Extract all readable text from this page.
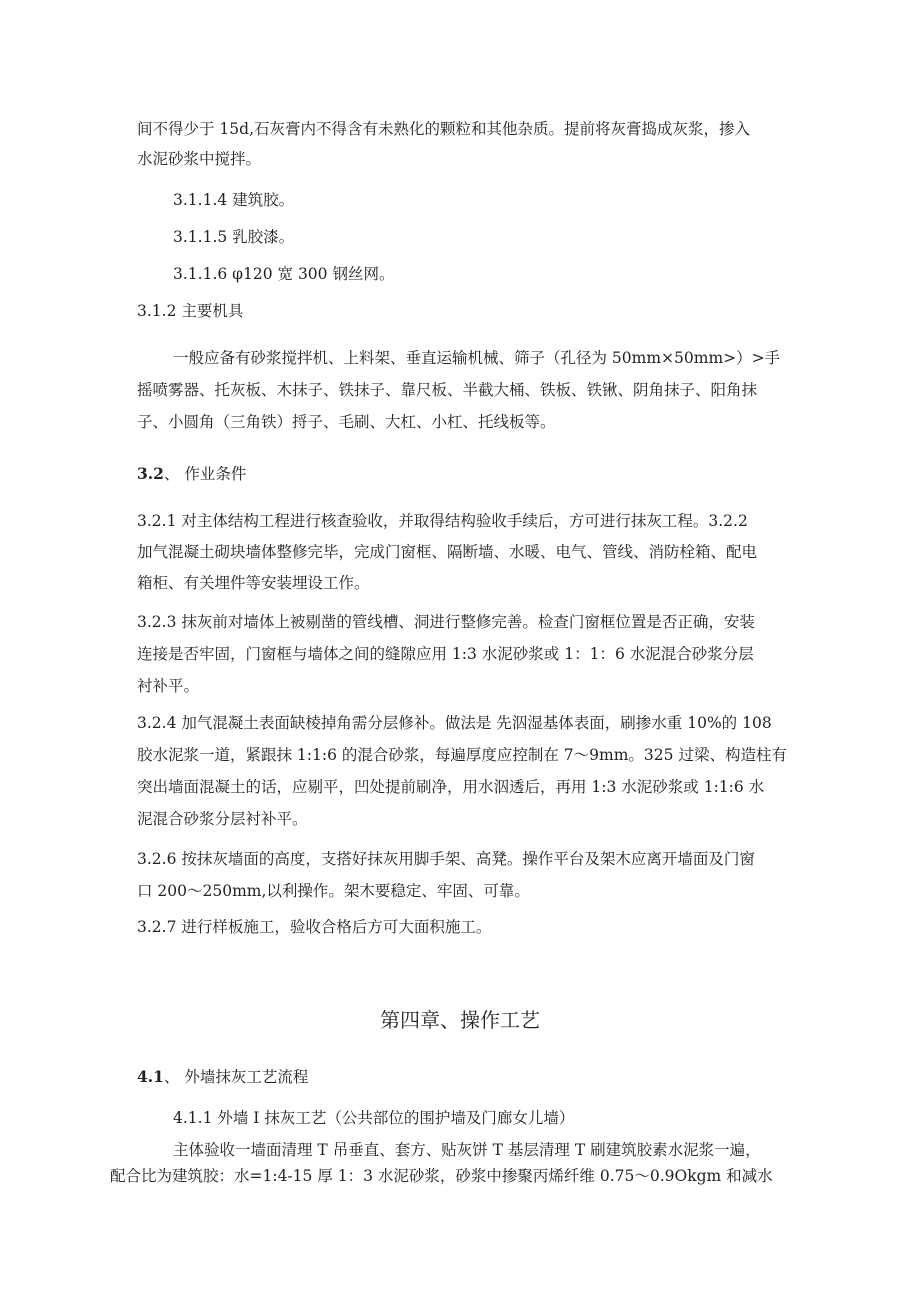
间不得少于 15d,石灰膏内不得含有未熟化的颗粒和其他杂质。提前将灰膏捣成灰浆，掺入
水泥砂浆中搅拌。
3.1.1.4 建筑胶。
3.1.1.5 乳胶漆。
3.1.1.6 φ120 宽 300 钢丝网。
3.1.2 主要机具
一般应备有砂浆搅拌机、上料架、垂直运输机械、筛子（孔径为 50mm×50mm>）>手
摇喷雾器、托灰板、木抹子、铁抹子、靠尺板、半截大桶、铁板、铁锹、阴角抹子、阳角抹
子、小圆角（三角铁）捋子、毛刷、大杠、小杠、托线板等。
3.2、 作业条件
3.2.1 对主体结构工程进行核查验收，并取得结构验收手续后，方可进行抹灰工程。3.2.2
加气混凝土砌块墙体整修完毕，完成门窗框、隔断墙、水暖、电气、管线、消防栓箱、配电
箱柜、有关埋件等安装埋设工作。
3.2.3 抹灰前对墙体上被剔凿的管线槽、洞进行整修完善。检查门窗框位置是否正确，安装
连接是否牢固，门窗框与墙体之间的缝隙应用 1:3 水泥砂浆或 1：1：6 水泥混合砂浆分层
衬补平。
3.2.4 加气混凝土表面缺棱掉角需分层修补。做法是 先泅湿基体表面，刷掺水重 10%的 108
胶水泥浆一道，紧跟抹 1:1:6 的混合砂浆，每遍厚度应控制在 7～9mm。325 过梁、构造柱有
突出墙面混凝土的话，应剔平，凹处提前刷净，用水泅透后，再用 1:3 水泥砂浆或 1:1:6 水
泥混合砂浆分层衬补平。
3.2.6 按抹灰墙面的高度，支搭好抹灰用脚手架、高凳。操作平台及架木应离开墙面及门窗
口 200～250mm,以利操作。架木要稳定、牢固、可靠。
3.2.7 进行样板施工，验收合格后方可大面积施工。
第四章、操作工艺
4.1、 外墙抹灰工艺流程
4.1.1 外墙 I 抹灰工艺（公共部位的围护墙及门廊女儿墙）
主体验收一墙面清理 T 吊垂直、套方、贴灰饼 T 基层清理 T 刷建筑胶素水泥浆一遍，
配合比为建筑胶：水=1:4-15 厚 1：3 水泥砂浆，砂浆中掺聚丙烯纤维 0.75～0.9Okgm 和减水
